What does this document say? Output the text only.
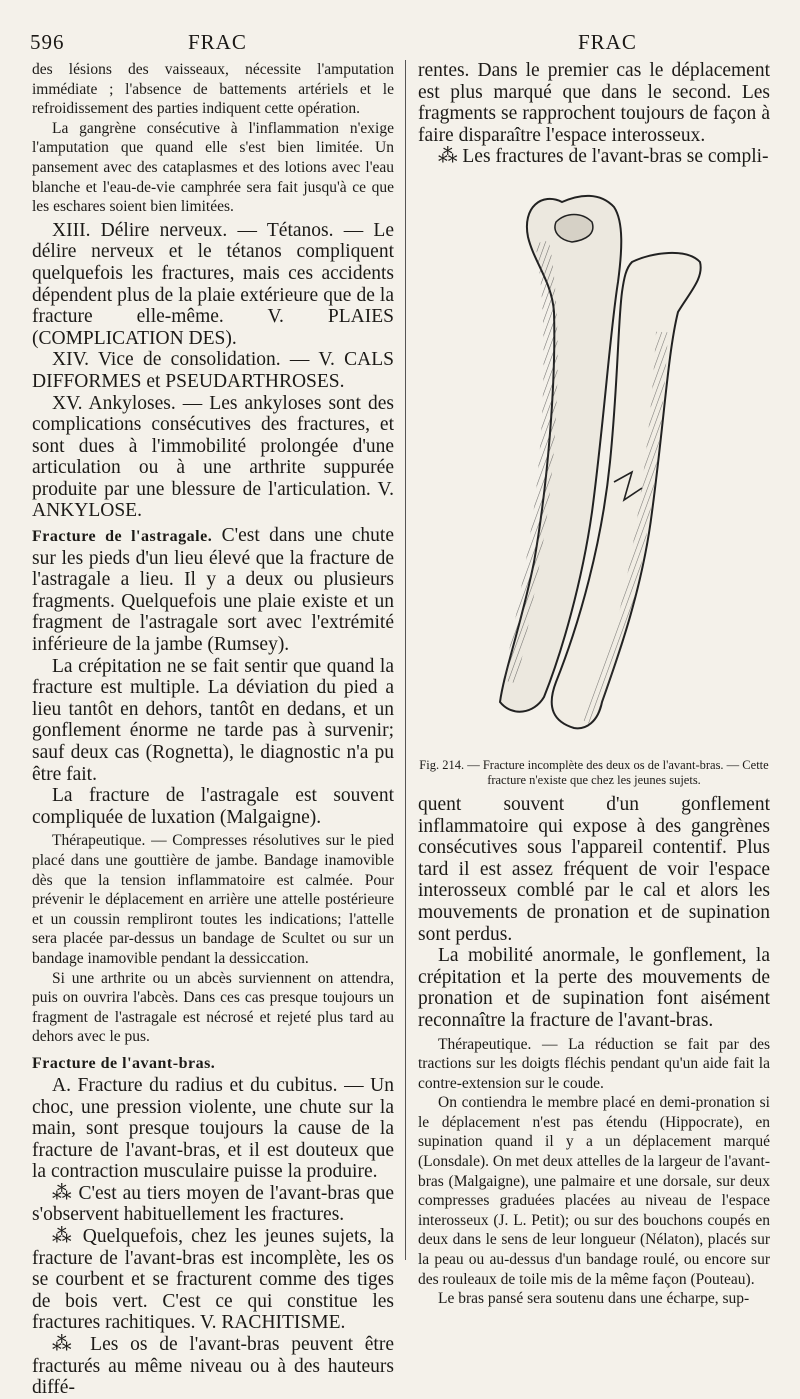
596	FRAC	FRAC

des lésions des vaisseaux, nécessite l'amputation immédiate ; l'absence de battements artériels et le refroidissement des parties indiquent cette opération.

La gangrène consécutive à l'inflammation n'exige l'amputation que quand elle s'est bien limitée. Un pansement avec des cataplasmes et des lotions avec l'eau blanche et l'eau-de-vie camphrée sera fait jusqu'à ce que les eschares soient bien limitées.

XIII. Délire nerveux. — Tétanos. — Le délire nerveux et le tétanos compliquent quelquefois les fractures, mais ces accidents dépendent plus de la plaie extérieure que de la fracture elle-même. V. PLAIES (COMPLICATION DES).

XIV. Vice de consolidation. — V. CALS DIFFORMES et PSEUDARTHROSES.

XV. Ankyloses. — Les ankyloses sont des complications consécutives des fractures, et sont dues à l'immobilité prolongée d'une articulation ou à une arthrite suppurée produite par une blessure de l'articulation. V. ANKYLOSE.

Fracture de l'astragale. C'est dans une chute sur les pieds d'un lieu élevé que la fracture de l'astragale a lieu. Il y a deux ou plusieurs fragments. Quelquefois une plaie existe et un fragment de l'astragale sort avec l'extrémité inférieure de la jambe (Rumsey).

La crépitation ne se fait sentir que quand la fracture est multiple. La déviation du pied a lieu tantôt en dehors, tantôt en dedans, et un gonflement énorme ne tarde pas à survenir; sauf deux cas (Rognetta), le diagnostic n'a pu être fait.

La fracture de l'astragale est souvent compliquée de luxation (Malgaigne).

Thérapeutique. — Compresses résolutives sur le pied placé dans une gouttière de jambe. Bandage inamovible dès que la tension inflammatoire est calmée. Pour prévenir le déplacement en arrière une attelle postérieure et un coussin rempliront toutes les indications; l'attelle sera placée par-dessus un bandage de Scultet ou sur un bandage inamovible pendant la dessiccation.

Si une arthrite ou un abcès surviennent on attendra, puis on ouvrira l'abcès. Dans ces cas presque toujours un fragment de l'astragale est nécrosé et rejeté plus tard au dehors avec le pus.

Fracture de l'avant-bras.

A. Fracture du radius et du cubitus. — Un choc, une pression violente, une chute sur la main, sont presque toujours la cause de la fracture de l'avant-bras, et il est douteux que la contraction musculaire puisse la produire.

⁂ C'est au tiers moyen de l'avant-bras que s'observent habituellement les fractures.

⁂ Quelquefois, chez les jeunes sujets, la fracture de l'avant-bras est incomplète, les os se courbent et se fracturent comme des tiges de bois vert. C'est ce qui constitue les fractures rachitiques. V. RACHITISME.

⁂ Les os de l'avant-bras peuvent être fracturés au même niveau ou à des hauteurs diffé-

rentes. Dans le premier cas le déplacement est plus marqué que dans le second. Les fragments se rapprochent toujours de façon à faire disparaître l'espace interosseux.

⁂ Les fractures de l'avant-bras se compli-

Fig. 214. — Fracture incomplète des deux os de l'avant-bras. — Cette fracture n'existe que chez les jeunes sujets.

quent souvent d'un gonflement inflammatoire qui expose à des gangrènes consécutives sous l'appareil contentif. Plus tard il est assez fréquent de voir l'espace interosseux comblé par le cal et alors les mouvements de pronation et de supination sont perdus.

La mobilité anormale, le gonflement, la crépitation et la perte des mouvements de pronation et de supination font aisément reconnaître la fracture de l'avant-bras.

Thérapeutique. — La réduction se fait par des tractions sur les doigts fléchis pendant qu'un aide fait la contre-extension sur le coude.

On contiendra le membre placé en demi-pronation si le déplacement n'est pas étendu (Hippocrate), en supination quand il y a un déplacement marqué (Lonsdale). On met deux attelles de la largeur de l'avant-bras (Malgaigne), une palmaire et une dorsale, sur deux compresses graduées placées au niveau de l'espace interosseux (J. L. Petit); ou sur des bouchons coupés en deux dans le sens de leur longueur (Nélaton), placés sur la peau ou au-dessus d'un bandage roulé, ou encore sur des rouleaux de toile mis de la même façon (Pouteau).

Le bras pansé sera soutenu dans une écharpe, sup-
